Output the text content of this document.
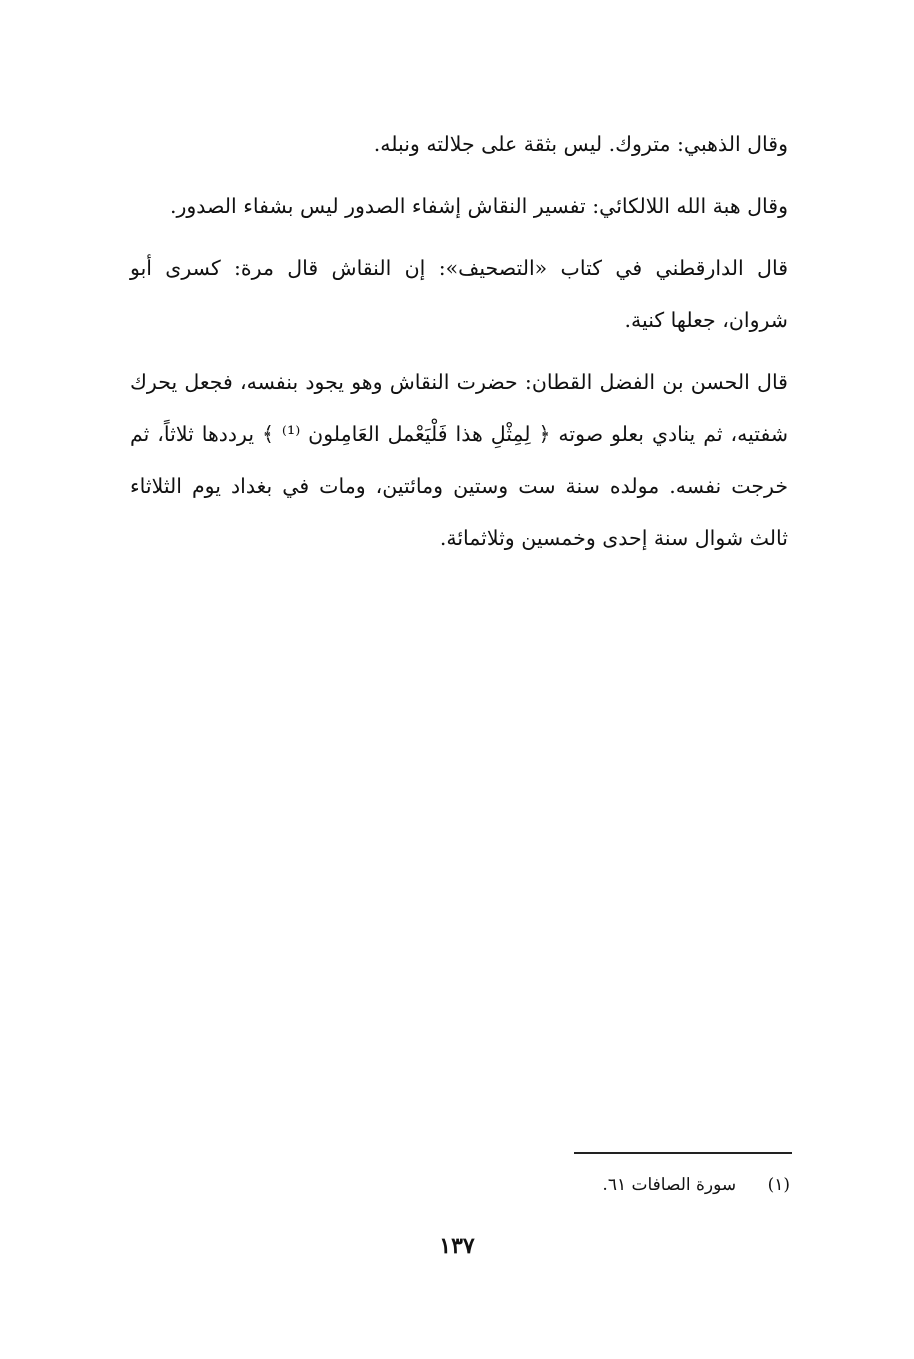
وقال الذهبي: متروك. ليس بثقة على جلالته ونبله.

وقال هبة الله اللالكائي: تفسير النقاش إشفاء الصدور ليس بشفاء الصدور.

قال الدارقطني في كتاب «التصحيف»: إن النقاش قال مرة: كسرى أبو شروان، جعلها كنية.

قال الحسن بن الفضل القطان: حضرت النقاش وهو يجود بنفسه، فجعل يحرك شفتيه، ثم ينادي بعلو صوته ﴿ لِمِثْلِ هذا فَلْيَعْمل العَامِلون ⁽¹⁾ ﴾ يرددها ثلاثاً، ثم خرجت نفسه. مولده سنة ست وستين ومائتين، ومات في بغداد يوم الثلاثاء ثالث شوال سنة إحدى وخمسين وثلاثمائة.

(١) سورة الصافات ٦١.
١٣٧
